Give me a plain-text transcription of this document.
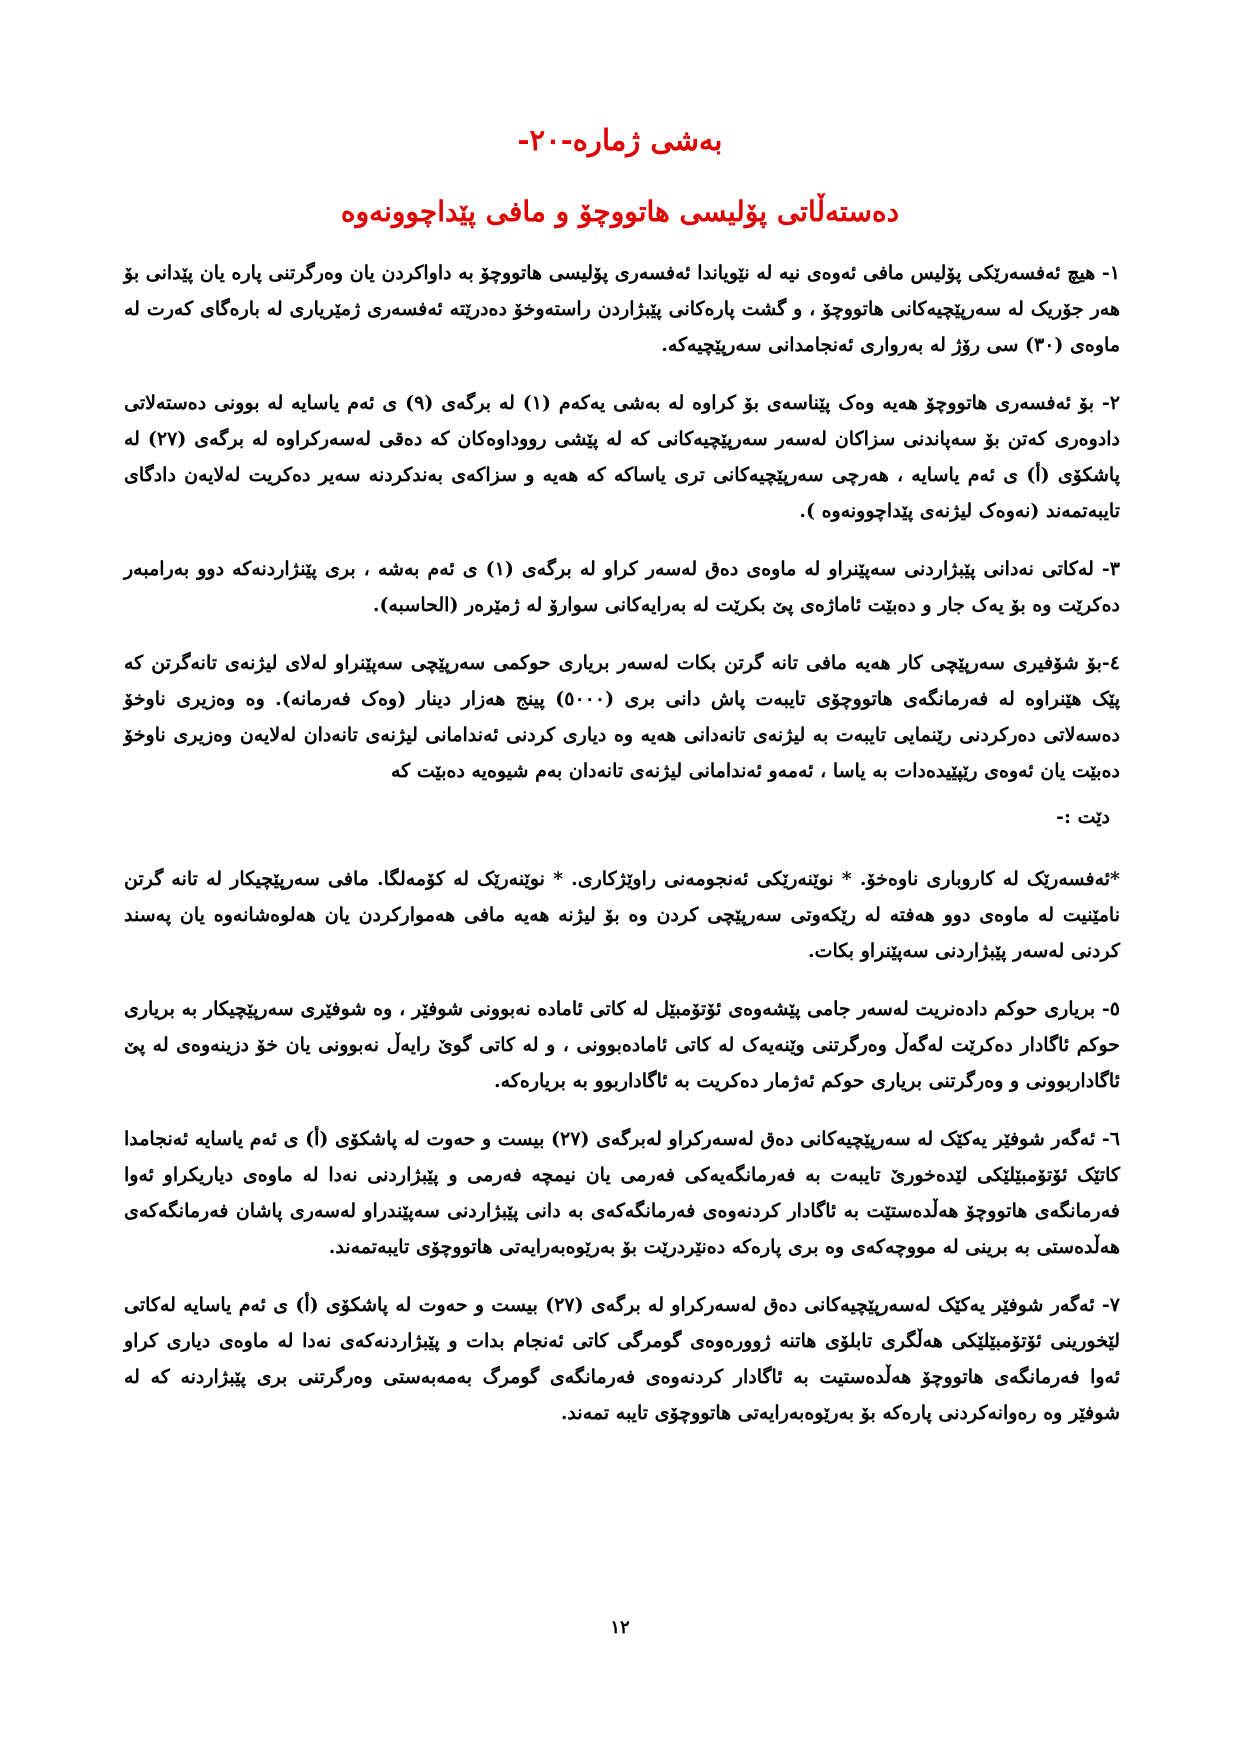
بەشی ژمارە-٢٠-
دەستەڵاتی پۆلیسی هاتووچۆ و مافی پێداچوونەوە

١- هیچ ئەفسەرێکی پۆلیس مافی ئەوەی نیە لە نێویاندا ئەفسەری پۆلیسی هاتووچۆ بە داواکردن یان وەرگرتنی پارە یان پێدانی بۆ هەر جۆریک لە سەرپێچیەکانی هاتووچۆ ، و گشت پارەکانی پێبژاردن راستەوخۆ دەدرێتە ئەفسەری ژمێریاری لە بارەگای کەرت لە ماوەی (٣٠) سی رۆژ لە بەرواری ئەنجامدانی سەرپێچیەکە.

٢- بۆ ئەفسەری هاتووچۆ هەیە وەک پێناسەی بۆ کراوە لە بەشی یەکەم (١) لە برگەی (٩) ی ئەم یاسایە لە بوونی دەستەلاتی دادوەری کەتن بۆ سەپاندنی سزاکان لەسەر سەرپێچیەکانی کە لە پێشی رووداوەکان کە دەقی لەسەرکراوە لە برگەی (٢٧) لە پاشکۆی (أ) ی ئەم یاسایە ، هەرچی سەرپێچیەکانی تری یاساکە کە هەیە و سزاکەی بەندکردنە سەیر دەکریت لەلایەن دادگای تایبەتمەند (نەوەک لیژنەی پێداچوونەوە ).

٣- لەکاتی نەدانی پێبژاردنی سەپێنراو لە ماوەی دەق لەسەر کراو لە برگەی (١) ی ئەم بەشە ، بری پێنژاردنەکە دوو بەرامبەر دەکرێت وە بۆ یەک جار و دەبێت ئاماژەی پێ بکرێت لە بەرایەکانی سوارۆ لە ژمێرەر (الحاسبە).

٤-بۆ شۆفیری سەرپێچی کار هەیە مافی تانە گرتن بکات لەسەر بریاری حوکمی سەرپێچی سەپێنراو لەلای لیژنەی تانەگرتن کە پێک هێنراوە لە فەرمانگەی هاتووچۆی تایبەت پاش دانی بری (٥٠٠٠) پینج هەزار دینار (وەک فەرمانە). وە وەزیری ناوخۆ دەسەلاتی دەرکردنی رێنمایی تایبەت بە لیژنەی تانەدانی هەیە وە دیاری کردنی ئەندامانی لیژنەی تانەدان لەلایەن وەزیری ناوخۆ دەبێت یان ئەوەی رێپێیدەدات بە یاسا ، ئەمەو ئەندامانی لیژنەی تانەدان بەم شیوەیە دەبێت کە

دێت :-

*ئەفسەرێک لە کاروباری ناوەخۆ. * نوێنەرێکی ئەنجومەنی راوێژکاری. * نوێنەرێک لە کۆمەلگا. مافی سەرپێچیکار لە تانە گرتن نامێنیت لە ماوەی دوو هەفتە لە رێکەوتی سەرپێچی کردن وە بۆ لیژنە هەیە مافی هەموارکردن یان هەلوەشانەوە یان پەسند کردنی لەسەر پێبژاردنی سەپێنراو بکات.

٥- بریاری حوکم دادەنریت لەسەر جامی پێشەوەی ئۆتۆمبێل لە کاتی ئامادە نەبوونی شوفێر ، وە شوفێری سەرپێچیکار بە بریاری حوکم ئاگادار دەکرێت لەگەڵ وەرگرتنی وێنەیەک لە کاتی ئامادەبوونی ، و لە کاتی گوێ رایەڵ نەبوونی یان خۆ دزینەوەی لە پێ ئاگاداربوونی و وەرگرتنی بریاری حوکم ئەژمار دەکریت بە ئاگاداربوو بە بریارەکە.

٦- ئەگەر شوفێر یەکێک لە سەرپێچیەکانی دەق لەسەرکراو لەبرگەی (٢٧) بیست و حەوت لە پاشکۆی (أ) ی ئەم یاسایە ئەنجامدا کاتێک ئۆتۆمبێلێکی لێدەخوریٚ تایبەت بە فەرمانگەیەکی فەرمی یان نیمچە فەرمی و پێبژاردنی نەدا لە ماوەی دیاریکراو ئەوا فەرمانگەی هاتووچۆ هەڵدەستێت بە ئاگادار کردنەوەی فەرمانگەکەی بە دانی پێبژاردنی سەپێندراو لەسەری پاشان فەرمانگەکەی هەڵدەستی بە برینی لە مووچەکەی وە بری پارەکە دەنێردرێت بۆ بەرێوەبەرایەتی هاتووچۆی تایبەتمەند.

٧- ئەگەر شوفێر یەکێک لەسەرپێچیەکانی دەق لەسەرکراو لە برگەی (٢٧) بیست و حەوت لە پاشکۆی (أ) ی ئەم یاسایە لەکاتی لێخورینی ئۆتۆمبێلێکی هەڵگری تابلۆی هاتنە ژوورەوەی گومرگی کاتی ئەنجام بدات و پێبژاردنەکەی نەدا لە ماوەی دیاری کراو ئەوا فەرمانگەی هاتووچۆ هەڵدەستیت بە ئاگادار کردنەوەی فەرمانگەی گومرگ بەمەبەستی وەرگرتنی بری پێبژاردنە کە لە شوفێر وە رەوانەکردنی پارەکە بۆ بەرێوەبەرایەتی هاتووچۆی تایبە تمەند.

١٢
